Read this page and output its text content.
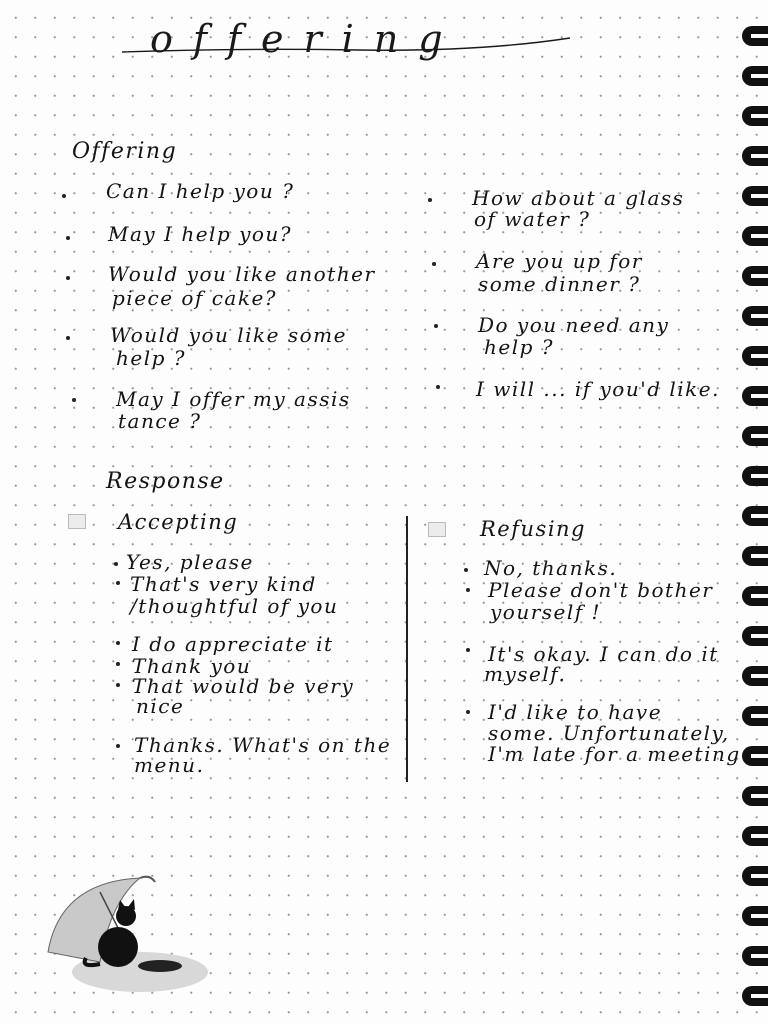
offering
Offering
Can I help you ?
May I help you?
Would you like another
piece of cake?
Would you like some
help ?
May I offer my assis
tance ?
How about a glass
of water ?
Are you up for
some dinner ?
Do you need any
help ?
I will ... if you'd like.
Response
Accepting
Yes, please
That's very kind
/thoughtful of you
I do appreciate it
Thank you
That would be very
nice
Thanks. What's on the
menu.
Refusing
No, thanks.
Please don't bother
yourself !
It's okay. I can do it
myself.
I'd like to have
some. Unfortunately,
I'm late for a meeting
